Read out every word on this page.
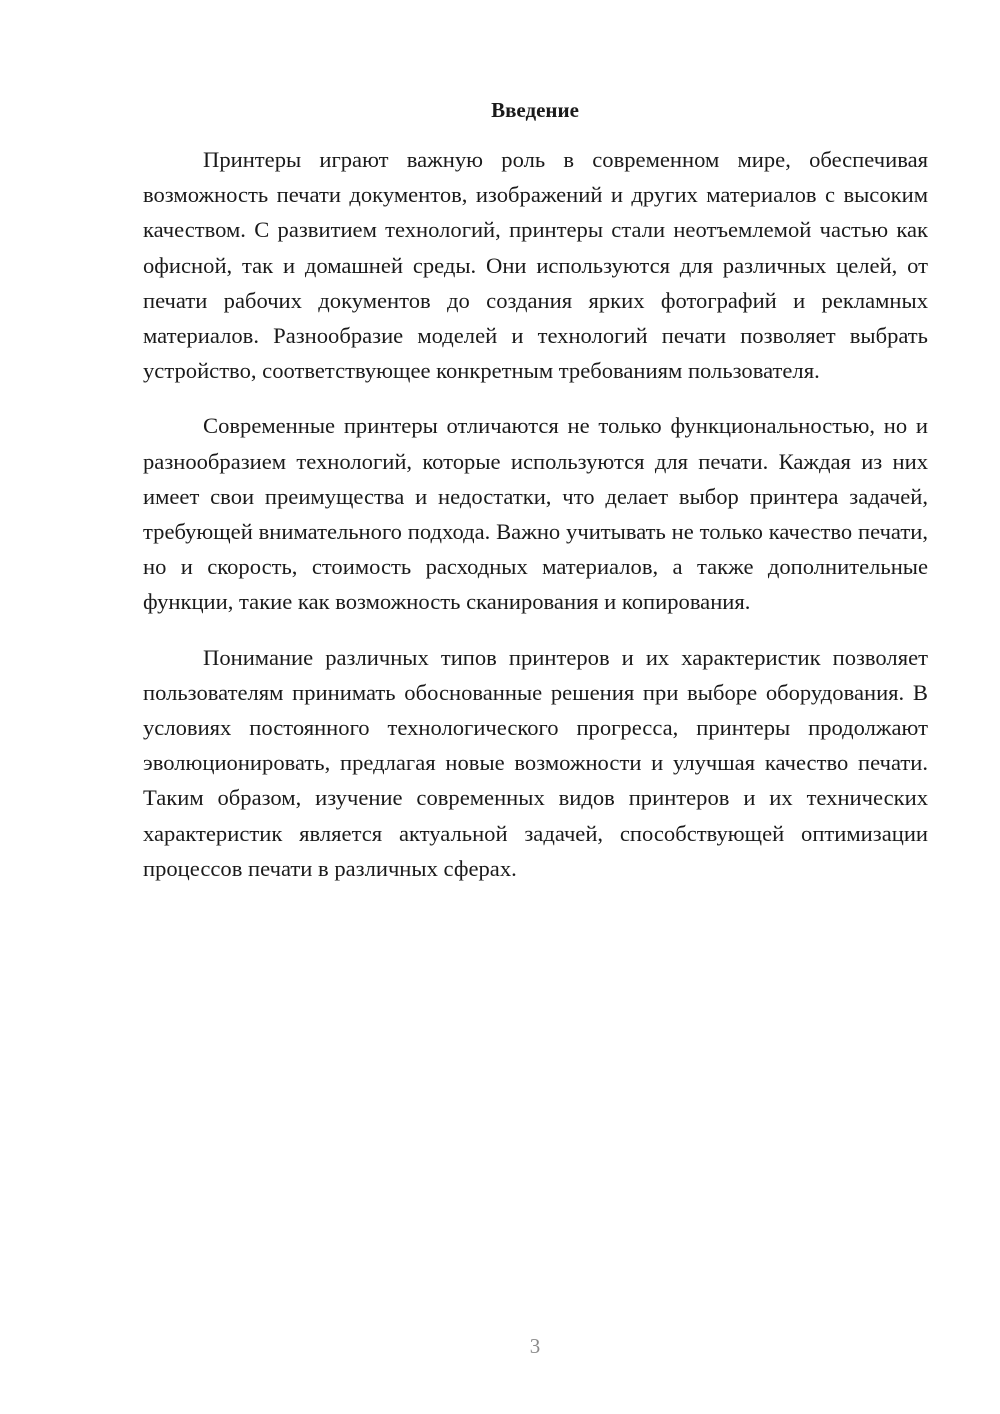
Введение

Принтеры играют важную роль в современном мире, обеспечивая возможность печати документов, изображений и других материалов с высоким качеством. С развитием технологий, принтеры стали неотъемлемой частью как офисной, так и домашней среды. Они используются для различных целей, от печати рабочих документов до создания ярких фотографий и рекламных материалов. Разнообразие моделей и технологий печати позволяет выбрать устройство, соответствующее конкретным требованиям пользователя.

Современные принтеры отличаются не только функциональностью, но и разнообразием технологий, которые используются для печати. Каждая из них имеет свои преимущества и недостатки, что делает выбор принтера задачей, требующей внимательного подхода. Важно учитывать не только качество печати, но и скорость, стоимость расходных материалов, а также дополнительные функции, такие как возможность сканирования и копирования.

Понимание различных типов принтеров и их характеристик позволяет пользователям принимать обоснованные решения при выборе оборудования. В условиях постоянного технологического прогресса, принтеры продолжают эволюционировать, предлагая новые возможности и улучшая качество печати. Таким образом, изучение современных видов принтеров и их технических характеристик является актуальной задачей, способствующей оптимизации процессов печати в различных сферах.

3
